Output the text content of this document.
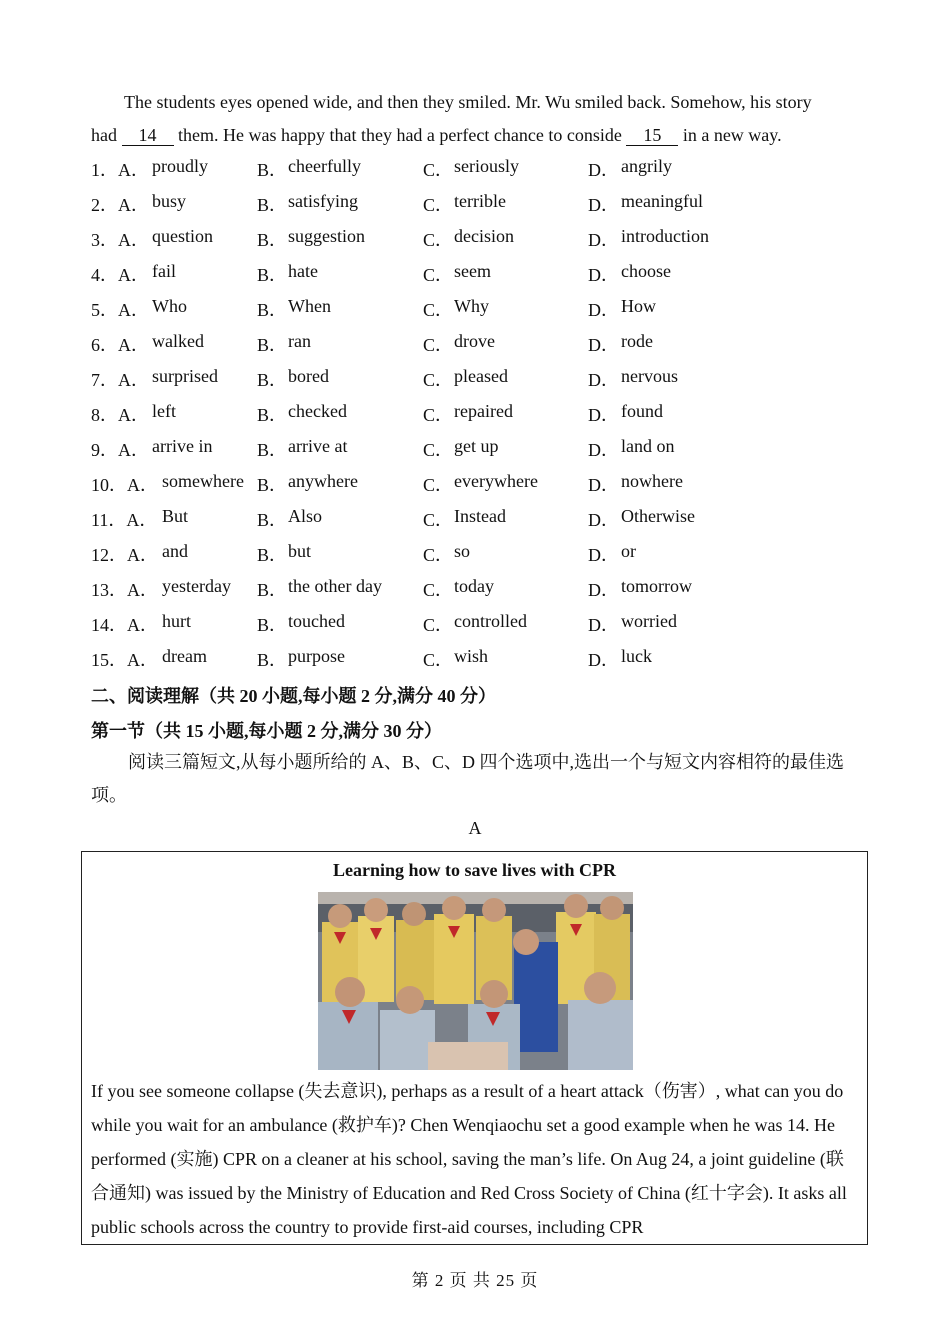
The students eyes opened wide, and then they smiled. Mr. Wu smiled back. Somehow, his story
had 14 them. He was happy that they had a perfect chance to conside 15 in a new way.
1．A． proudly	B． cheerfully	C． seriously	D． angrily
2．A． busy	B． satisfying	C． terrible	D． meaningful
3．A． question B． suggestion	C． decision	D． introduction
4．A． fail	B． hate	C． seem	D． choose
5．A． Who	B． When	C． Why	D． How
6．A． walked	B． ran	C． drove	D． rode
7．A． surprised B． bored	C． pleased	D． nervous
8．A． left	B． checked	C． repaired	D． found
9．A． arrive in B． arrive at	C． get up	D． land on
10．A． somewhere B． anywhere	C． everywhere	D． nowhere
11．A． But	B． Also	C． Instead	D． Otherwise
12．A． and	B． but	C． so	D． or
13．A． yesterday B． the other day C． today	D． tomorrow
14．A． hurt	B． touched	C． controlled	D． worried
15．A． dream	B． purpose	C． wish	D． luck
二、阅读理解（共 20 小题,每小题 2 分,满分 40 分）
第一节（共 15 小题,每小题 2 分,满分 30 分）
阅读三篇短文,从每小题所给的 A、B、C、D 四个选项中,选出一个与短文内容相符的最佳选项。
A
Learning how to save lives with CPR
If you see someone collapse (失去意识), perhaps as a result of a heart attack（伤害）, what can you do while you wait for an ambulance (救护车)? Chen Wenqiaochu set a good example when he was 14. He performed (实施) CPR on a cleaner at his school, saving the man’s life. On Aug 24, a joint guideline (联合通知) was issued by the Ministry of Education and Red Cross Society of China (红十字会). It asks all public schools across the country to provide first-aid courses, including CPR
第 2 页 共 25 页
